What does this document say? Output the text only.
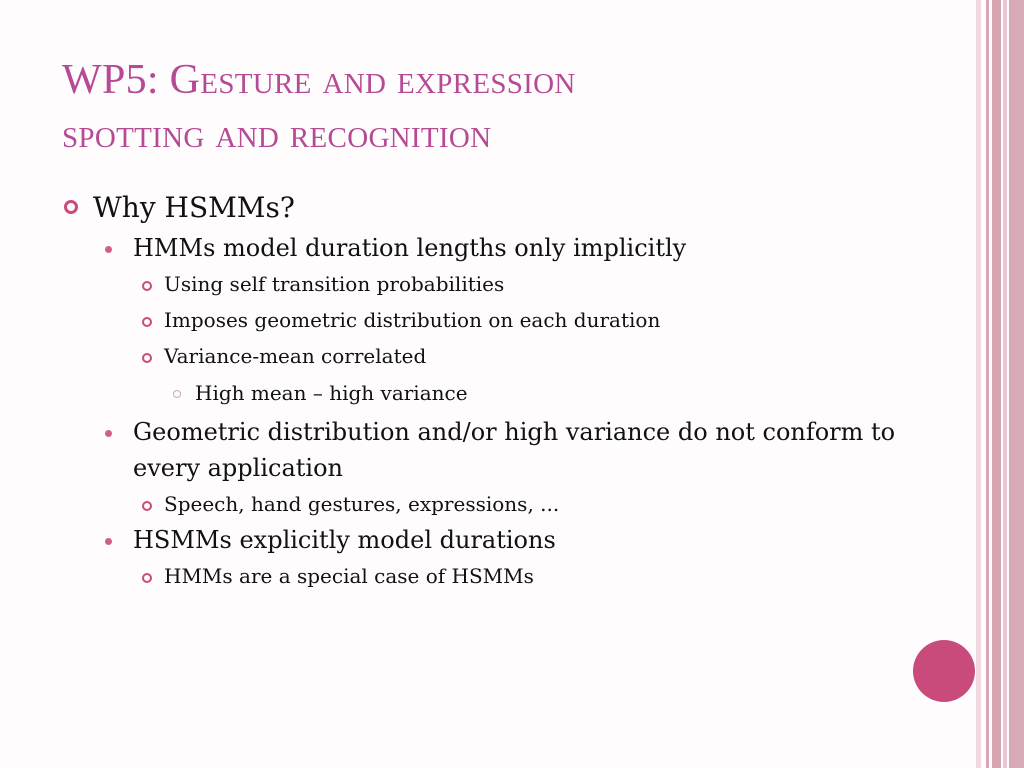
WP5: Gesture and expression
spotting and recognition
Why HSMMs?
HMMs model duration lengths only implicitly
Using self transition probabilities
Imposes geometric distribution on each duration
Variance-mean correlated
High mean – high variance
Geometric distribution and/or high variance do not conform to every application
Speech, hand gestures, expressions, ...
HSMMs explicitly model durations
HMMs are a special case of HSMMs
